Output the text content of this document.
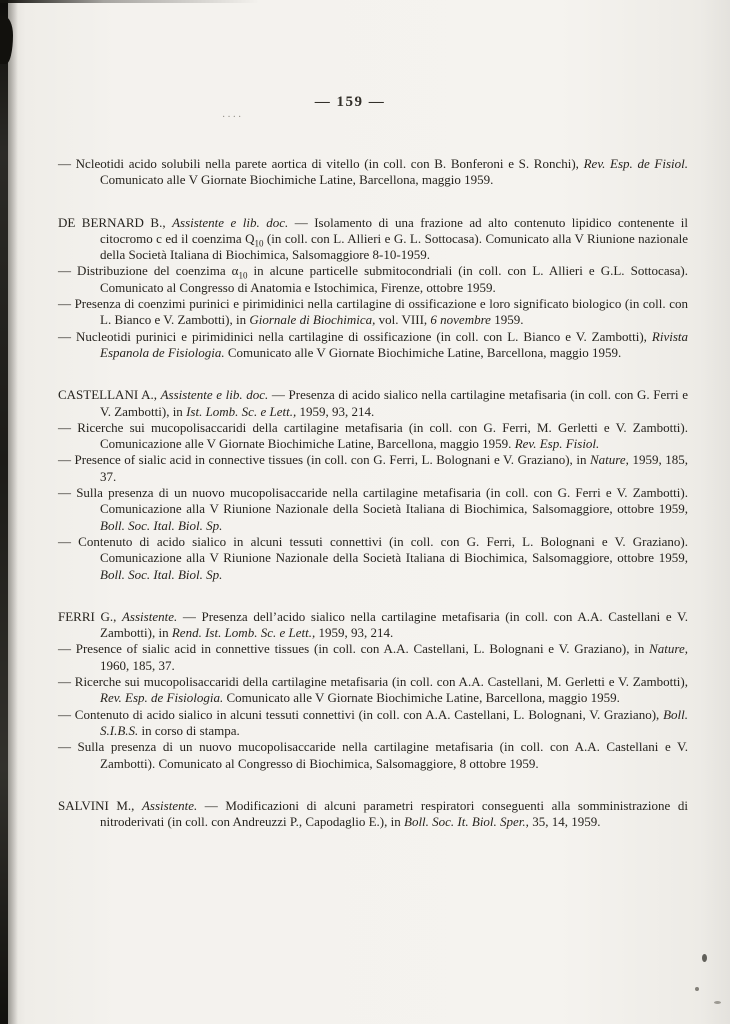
— 159 —
····

— Ncleotidi acido solubili nella parete aortica di vitello (in coll. con B. Bonferoni e S. Ronchi), Rev. Esp. de Fisiol. Comunicato alle V Giornate Biochimiche Latine, Barcellona, maggio 1959.

DE BERNARD B., Assistente e lib. doc. — Isolamento di una frazione ad alto contenuto lipidico contenente il citocromo c ed il coenzima $Q_{10}$ (in coll. con L. Allieri e G. L. Sottocasa). Comunicato alla V Riunione nazionale della Società Italiana di Biochimica, Salsomaggiore 8-10-1959.

— Distribuzione del coenzima $\alpha_{10}$ in alcune particelle submitocondriali (in coll. con L. Allieri e G.L. Sottocasa). Comunicato al Congresso di Anatomia e Istochimica, Firenze, ottobre 1959.

— Presenza di coenzimi purinici e pirimidinici nella cartilagine di ossificazione e loro significato biologico (in coll. con L. Bianco e V. Zambotti), in Giornale di Biochimica, vol. VIII, 6 novembre 1959.

— Nucleotidi purinici e pirimidinici nella cartilagine di ossificazione (in coll. con L. Bianco e V. Zambotti), Rivista Espanola de Fisiologia. Comunicato alle V Giornate Biochimiche Latine, Barcellona, maggio 1959.

CASTELLANI A., Assistente e lib. doc. — Presenza di acido sialico nella cartilagine metafisaria (in coll. con G. Ferri e V. Zambotti), in Ist. Lomb. Sc. e Lett., 1959, 93, 214.

— Ricerche sui mucopolisaccaridi della cartilagine metafisaria (in coll. con G. Ferri, M. Gerletti e V. Zambotti). Comunicazione alle V Giornate Biochimiche Latine, Barcellona, maggio 1959. Rev. Esp. Fisiol.

— Presence of sialic acid in connective tissues (in coll. con G. Ferri, L. Bolognani e V. Graziano), in Nature, 1959, 185, 37.

— Sulla presenza di un nuovo mucopolisaccaride nella cartilagine metafisaria (in coll. con G. Ferri e V. Zambotti). Comunicazione alla V Riunione Nazionale della Società Italiana di Biochimica, Salsomaggiore, ottobre 1959, Boll. Soc. Ital. Biol. Sp.

— Contenuto di acido sialico in alcuni tessuti connettivi (in coll. con G. Ferri, L. Bolognani e V. Graziano). Comunicazione alla V Riunione Nazionale della Società Italiana di Biochimica, Salsomaggiore, ottobre 1959, Boll. Soc. Ital. Biol. Sp.

FERRI G., Assistente. — Presenza dell’acido sialico nella cartilagine metafisaria (in coll. con A.A. Castellani e V. Zambotti), in Rend. Ist. Lomb. Sc. e Lett., 1959, 93, 214.

— Presence of sialic acid in connettive tissues (in coll. con A.A. Castellani, L. Bolognani e V. Graziano), in Nature, 1960, 185, 37.

— Ricerche sui mucopolisaccaridi della cartilagine metafisaria (in coll. con A.A. Castellani, M. Gerletti e V. Zambotti), Rev. Esp. de Fisiologia. Comunicato alle V Giornate Biochimiche Latine, Barcellona, maggio 1959.

— Contenuto di acido sialico in alcuni tessuti connettivi (in coll. con A.A. Castellani, L. Bolognani, V. Graziano), Boll. S.I.B.S. in corso di stampa.

— Sulla presenza di un nuovo mucopolisaccaride nella cartilagine metafisaria (in coll. con A.A. Castellani e V. Zambotti). Comunicato al Congresso di Biochimica, Salsomaggiore, 8 ottobre 1959.

SALVINI M., Assistente. — Modificazioni di alcuni parametri respiratori conseguenti alla somministrazione di nitroderivati (in coll. con Andreuzzi P., Capodaglio E.), in Boll. Soc. It. Biol. Sper., 35, 14, 1959.
